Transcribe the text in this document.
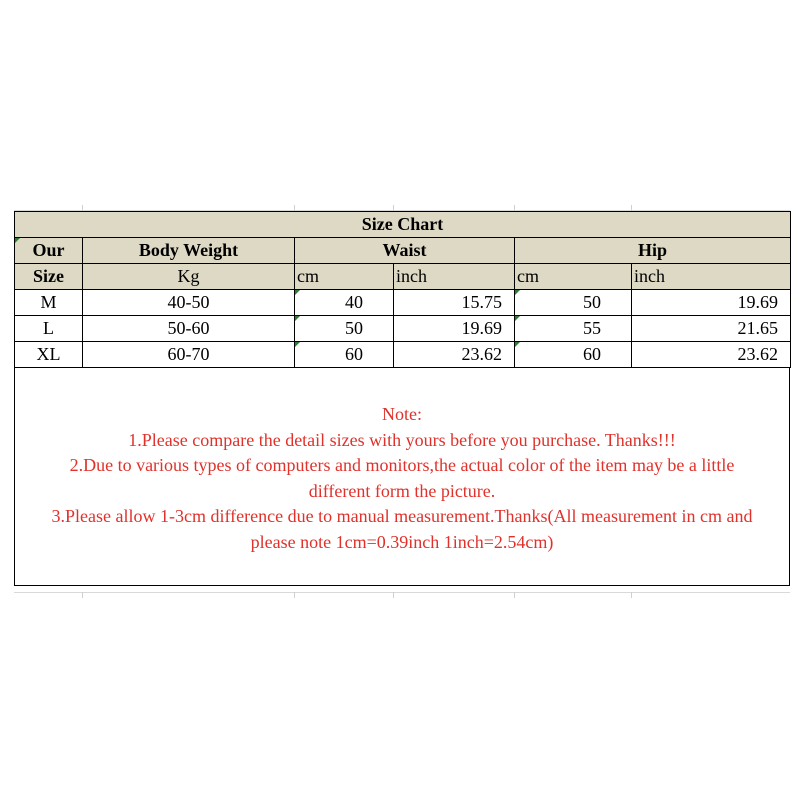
Size Chart					
Our	Body Weight	Waist		Hip	
Size	Kg	cm	inch	cm	inch
M	40-50	40	15.75	50	19.69
L	50-60	50	19.69	55	21.65
XL	60-70	60	23.62	60	23.62
Note:
1.Please compare the detail sizes with yours before you purchase. Thanks!!!
2.Due to various types of computers and monitors,the actual color of the item may be a little
different form the picture.
3.Please allow 1-3cm difference due to manual measurement.Thanks(All measurement in cm and
please note 1cm=0.39inch 1inch=2.54cm)
